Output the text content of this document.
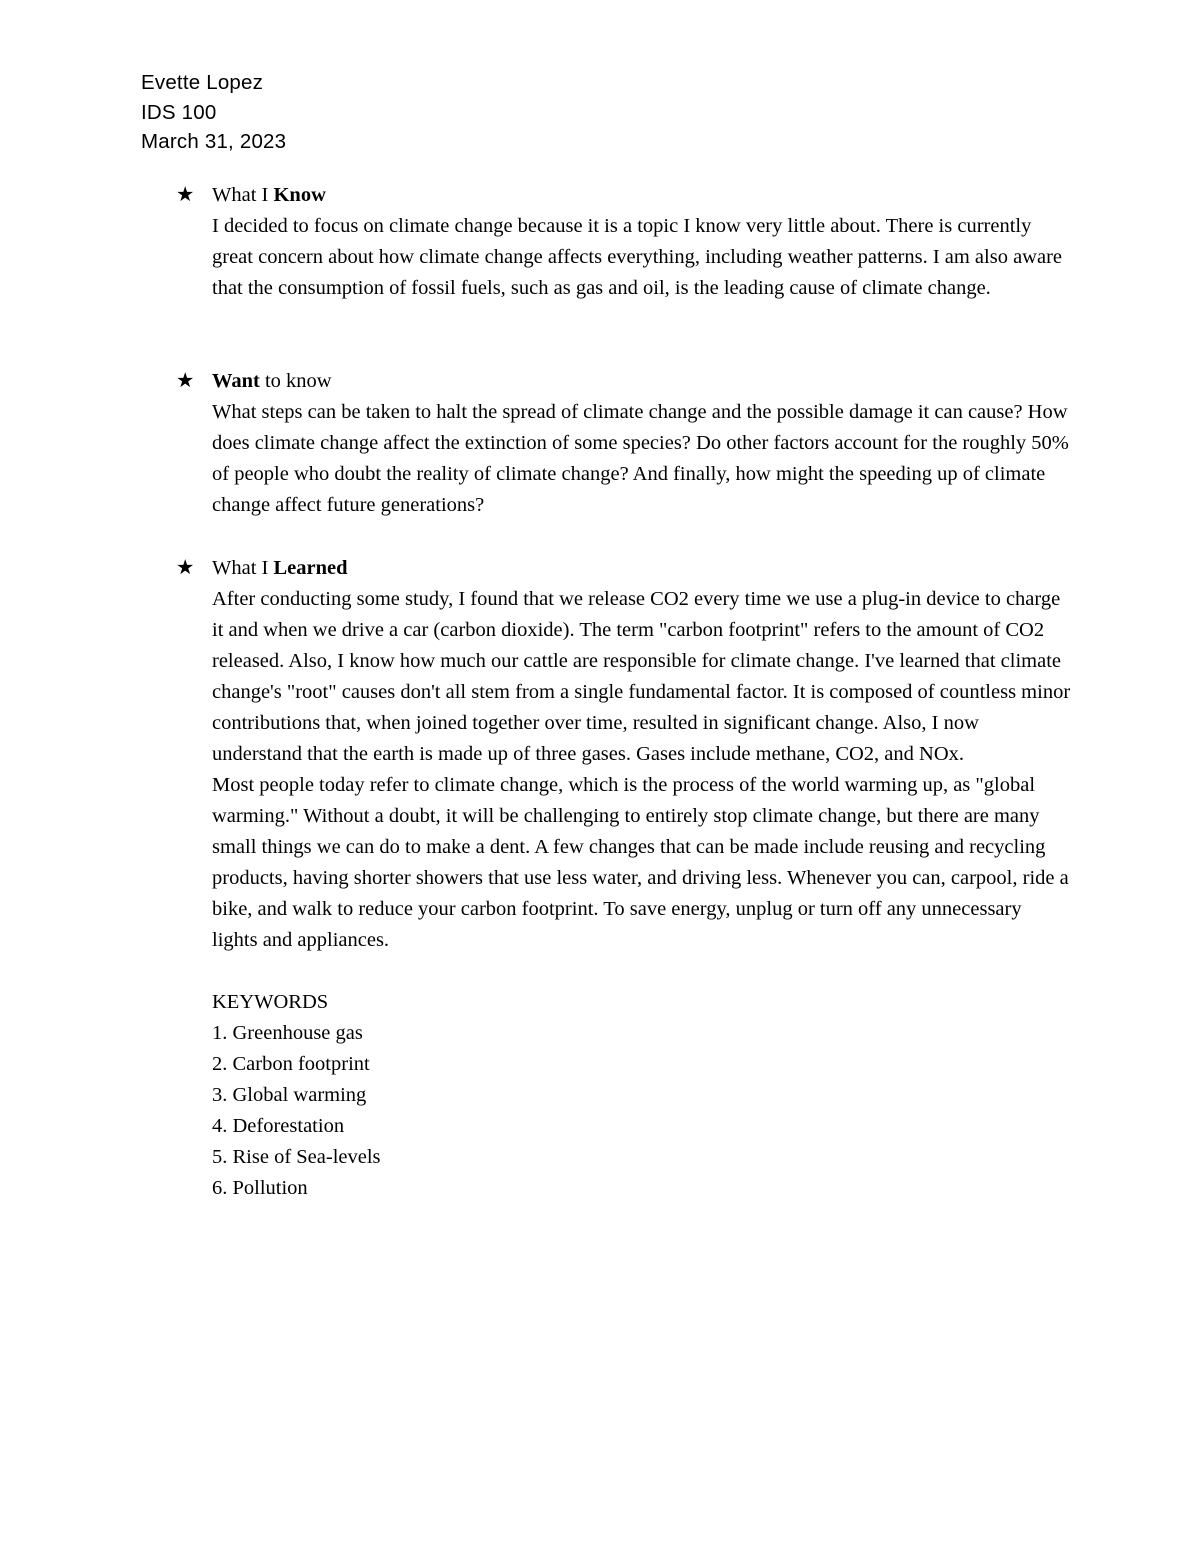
Evette Lopez
IDS 100
March 31, 2023
★ What I Know

I decided to focus on climate change because it is a topic I know very little about. There is currently great concern about how climate change affects everything, including weather patterns. I am also aware that the consumption of fossil fuels, such as gas and oil, is the leading cause of climate change.

★ Want to know

What steps can be taken to halt the spread of climate change and the possible damage it can cause? How does climate change affect the extinction of some species? Do other factors account for the roughly 50% of people who doubt the reality of climate change? And finally, how might the speeding up of climate change affect future generations?

★ What I Learned

After conducting some study, I found that we release CO2 every time we use a plug-in device to charge it and when we drive a car (carbon dioxide). The term "carbon footprint" refers to the amount of CO2 released. Also, I know how much our cattle are responsible for climate change. I've learned that climate change's "root" causes don't all stem from a single fundamental factor. It is composed of countless minor contributions that, when joined together over time, resulted in significant change. Also, I now understand that the earth is made up of three gases. Gases include methane, CO2, and NOx.

Most people today refer to climate change, which is the process of the world warming up, as "global warming." Without a doubt, it will be challenging to entirely stop climate change, but there are many small things we can do to make a dent. A few changes that can be made include reusing and recycling products, having shorter showers that use less water, and driving less. Whenever you can, carpool, ride a bike, and walk to reduce your carbon footprint. To save energy, unplug or turn off any unnecessary lights and appliances.

KEYWORDS
1. Greenhouse gas
2. Carbon footprint
3. Global warming
4. Deforestation
5. Rise of Sea-levels
6. Pollution
